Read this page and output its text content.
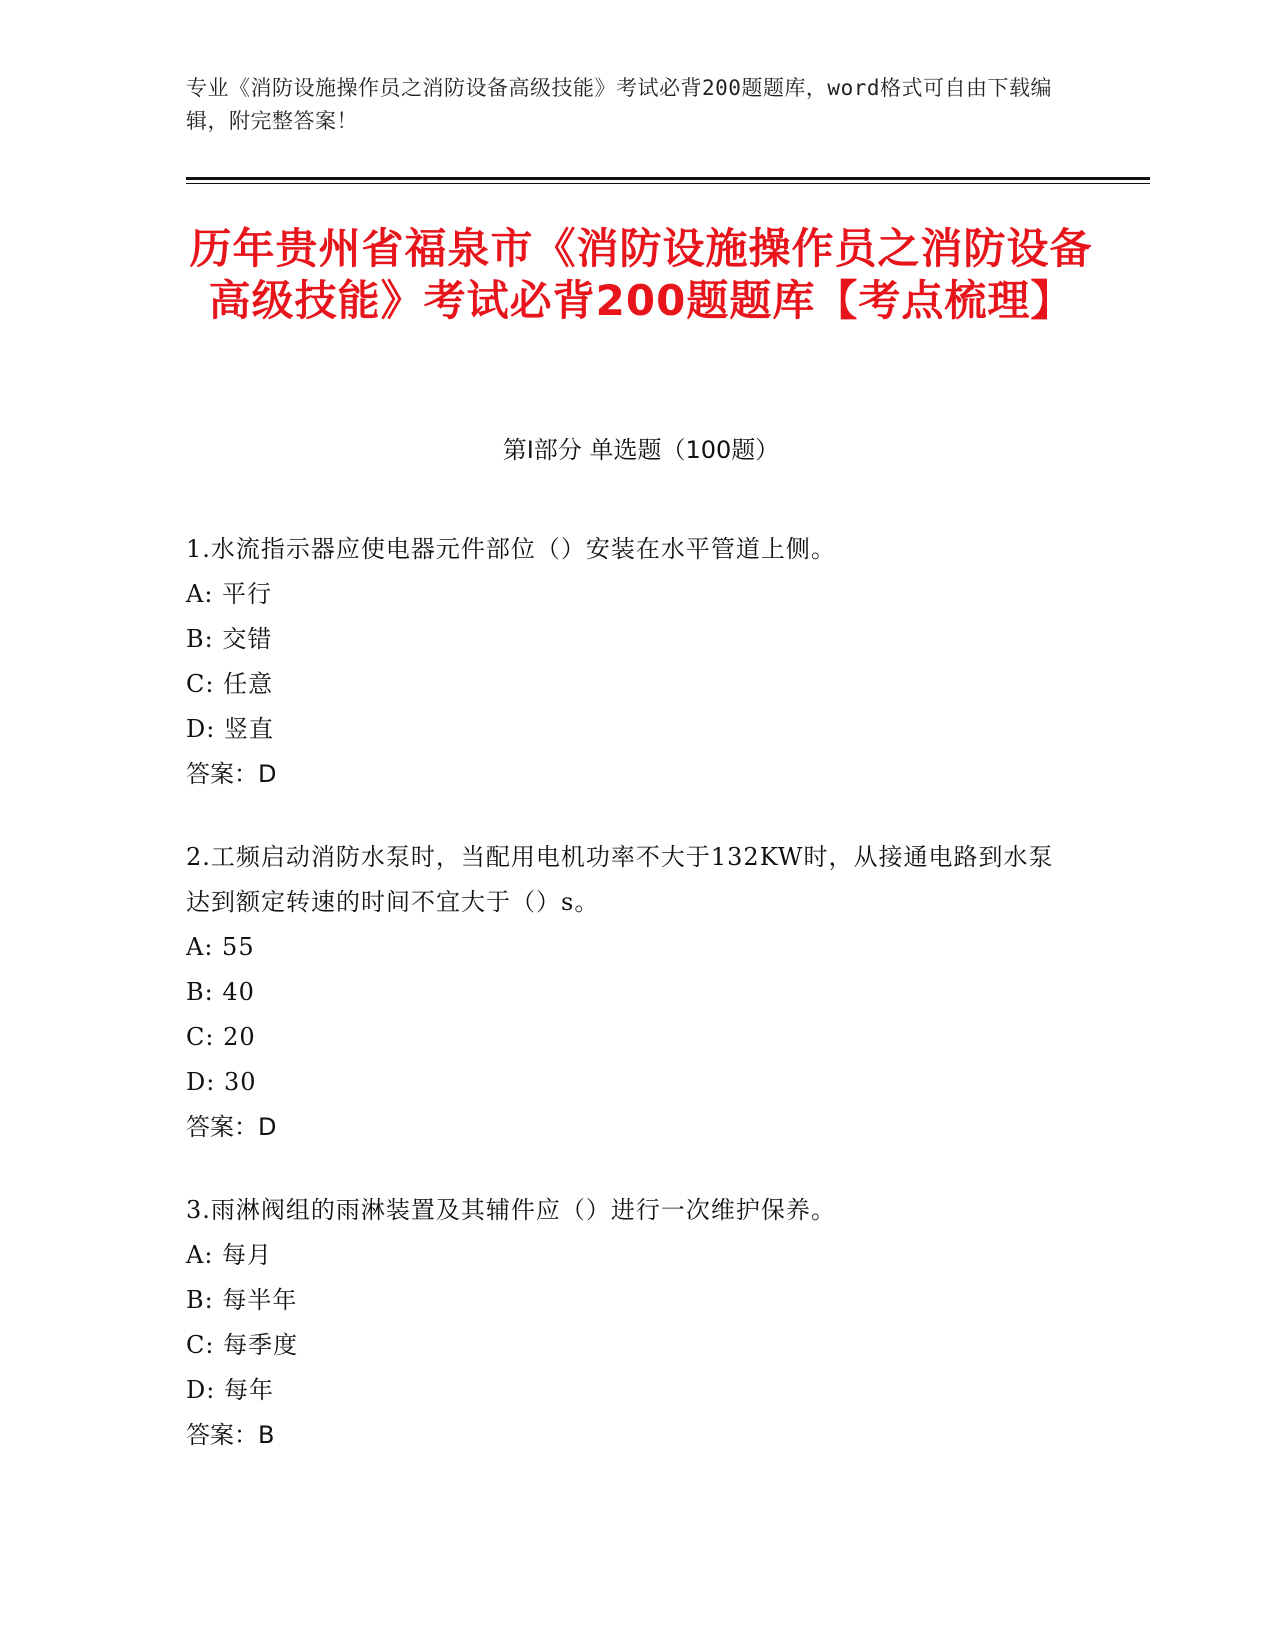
专业《消防设施操作员之消防设备高级技能》考试必背200题题库，word格式可自由下载编辑，附完整答案！
历年贵州省福泉市《消防设施操作员之消防设备高级技能》考试必背200题题库【考点梳理】
第I部分 单选题（100题）
1.水流指示器应使电器元件部位（）安装在水平管道上侧。
A: 平行
B: 交错
C: 任意
D: 竖直
答案：D
2.工频启动消防水泵时，当配用电机功率不大于132KW时，从接通电路到水泵达到额定转速的时间不宜大于（）s。
A: 55
B: 40
C: 20
D: 30
答案：D
3.雨淋阀组的雨淋装置及其辅件应（）进行一次维护保养。
A: 每月
B: 每半年
C: 每季度
D: 每年
答案：B
